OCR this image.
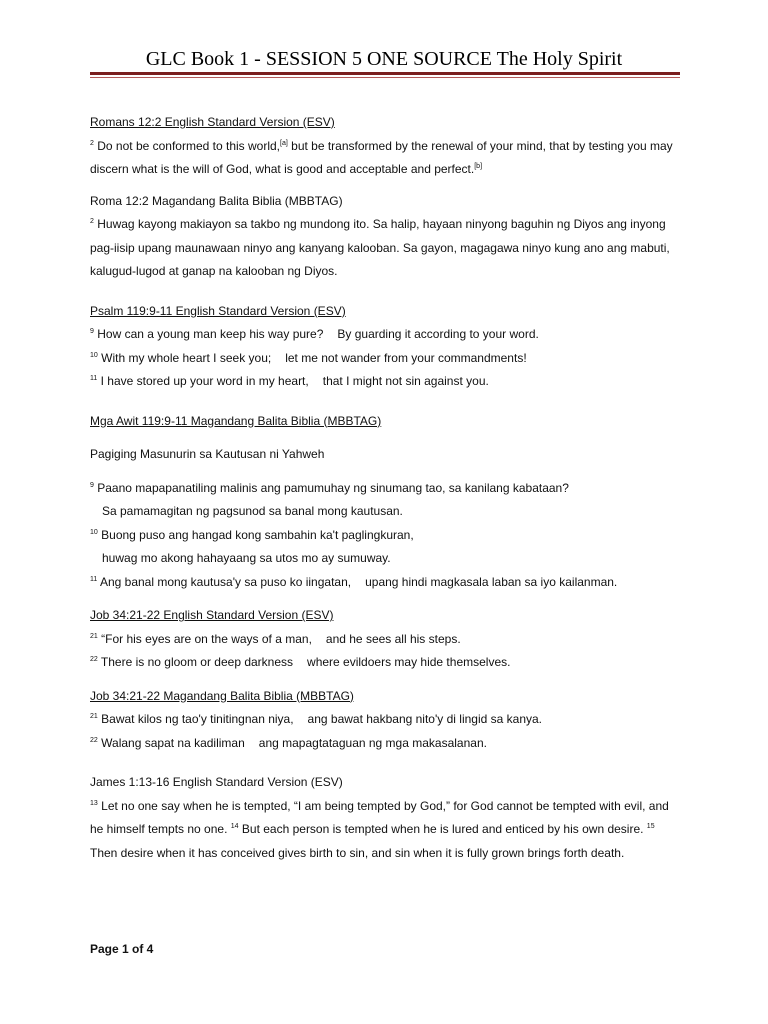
GLC Book 1 - SESSION 5 ONE SOURCE The Holy Spirit
Romans 12:2 English Standard Version (ESV)
$^2$ Do not be conformed to this world,[a] but be transformed by the renewal of your mind, that by testing you may discern what is the will of God, what is good and acceptable and perfect.[b]
Roma 12:2 Magandang Balita Biblia (MBBTAG)
$^2$ Huwag kayong makiayon sa takbo ng mundong ito. Sa halip, hayaan ninyong baguhin ng Diyos ang inyong pag-iisip upang maunawaan ninyo ang kanyang kalooban. Sa gayon, magagawa ninyo kung ano ang mabuti, kalugud-lugod at ganap na kalooban ng Diyos.
Psalm 119:9-11 English Standard Version (ESV)
$^9$ How can a young man keep his way pure? By guarding it according to your word.
$^{10}$ With my whole heart I seek you; let me not wander from your commandments!
$^{11}$ I have stored up your word in my heart, that I might not sin against you.
Mga Awit 119:9-11 Magandang Balita Biblia (MBBTAG)
Pagiging Masunurin sa Kautusan ni Yahweh
$^9$ Paano mapapanatiling malinis ang pamumuhay ng sinumang tao, sa kanilang kabataan?
Sa pamamagitan ng pagsunod sa banal mong kautusan.
$^{10}$ Buong puso ang hangad kong sambahin ka't paglingkuran,
huwag mo akong hahayaang sa utos mo ay sumuway.
$^{11}$ Ang banal mong kautusa'y sa puso ko iingatan, upang hindi magkasala laban sa iyo kailanman.
Job 34:21-22 English Standard Version (ESV)
$^{21}$ “For his eyes are on the ways of a man, and he sees all his steps.
$^{22}$ There is no gloom or deep darkness where evildoers may hide themselves.
Job 34:21-22 Magandang Balita Biblia (MBBTAG)
$^{21}$ Bawat kilos ng tao'y tinitingnan niya, ang bawat hakbang nito'y di lingid sa kanya.
$^{22}$ Walang sapat na kadiliman ang mapagtataguan ng mga makasalanan.
James 1:13-16 English Standard Version (ESV)
$^{13}$ Let no one say when he is tempted, “I am being tempted by God,” for God cannot be tempted with evil, and he himself tempts no one. $^{14}$ But each person is tempted when he is lured and enticed by his own desire. $^{15}$ Then desire when it has conceived gives birth to sin, and sin when it is fully grown brings forth death.
Page 1 of 4
